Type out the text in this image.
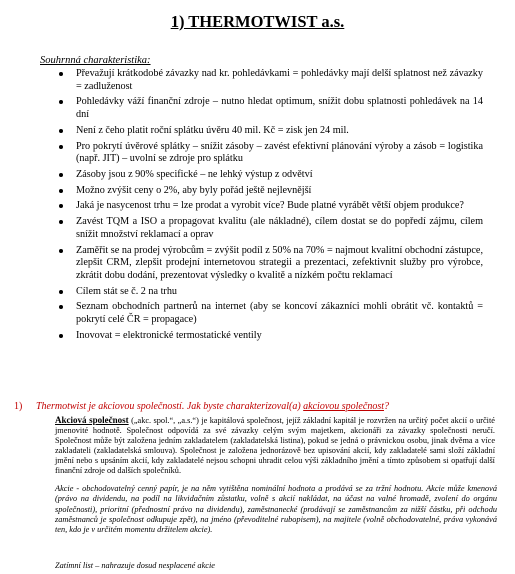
1) THERMOTWIST a.s.
Souhrnná charakteristika:
Převažují krátkodobé závazky nad kr. pohledávkami = pohledávky mají delší splatnost než závazky = zadluženost
Pohledávky váží finanční zdroje – nutno hledat optimum, snížit dobu splatnosti pohledávek na 14 dní
Není z čeho platit roční splátku úvěru 40 mil. Kč = zisk jen 24 mil.
Pro pokrytí úvěrové splátky – snížit zásoby – zavést efektivní plánování výroby a zásob = logistika (např. JIT) – uvolní se zdroje pro splátku
Zásoby jsou z 90% specifické – ne lehký výstup z odvětví
Možno zvýšit ceny o 2%, aby byly pořád ještě nejlevnější
Jaká je nasycenost trhu = lze prodat a vyrobit více? Bude platné vyrábět větší objem produkce?
Zavést TQM a ISO a propagovat kvalitu (ale nákladné), cílem dostat se do popředí zájmu, cílem snížit množství reklamací a oprav
Zaměřit se na prodej výrobcům = zvýšit podíl z 50% na 70% = najmout kvalitní obchodní zástupce, zlepšit CRM, zlepšit prodejní internetovou strategii a prezentaci, zefektivnit služby pro výrobce, zkrátit dobu dodání, prezentovat výsledky o kvalitě a nízkém počtu reklamací
Cílem stát se č. 2 na trhu
Seznam obchodních partnerů na internet (aby se koncoví zákazníci mohli obrátit vč. kontaktů = pokrytí celé ČR = propagace)
Inovovat = elektronické termostatické ventily
1) Thermotwist je akciovou společností. Jak byste charakterizoval(a) akciovou společnost?
Akciová společnost („akc. spol.“, „a.s.“) je kapitálová společnost, jejíž základní kapitál je rozvržen na určitý počet akcií o určité jmenovité hodnotě. Společnost odpovídá za své závazky celým svým majetkem, akcionáři za závazky společnosti neručí. Společnost může být založena jedním zakladatelem (zakladatelská listina), pokud se jedná o právnickou osobu, jinak dvěma a více zakladateli (zakladatelská smlouva). Společnost je založena jednorázově bez upisování akcií, kdy zakladatelé sami složí základní jmění nebo s upsáním akcií, kdy zakladatelé nejsou schopni uhradit celou výši základního jmění a tímto způsobem si opatřují další finanční zdroje od dalších společníků.
Akcie - obchodovatelný cenný papír, je na něm vytištěna nominální hodnota a prodává se za tržní hodnotu. Akcie může kmenová (právo na dividendu, na podíl na likvidačním zůstatku, volně s akcií nakládat, na účast na valné hromadě, zvolení do orgánu společnosti), prioritní (přednostní právo na dividendu), zaměstnanecké (prodávají se zaměstnancům za nižší částku, při odchodu zaměstnanců je společnost odkupuje zpět), na jméno (převoditelné rubopisem), na majitele (volně obchodovatelné, práva vykonává ten, kdo je v určitém momentu držitelem akcie).
Zatímní list – nahrazuje dosud nesplacené akcie
